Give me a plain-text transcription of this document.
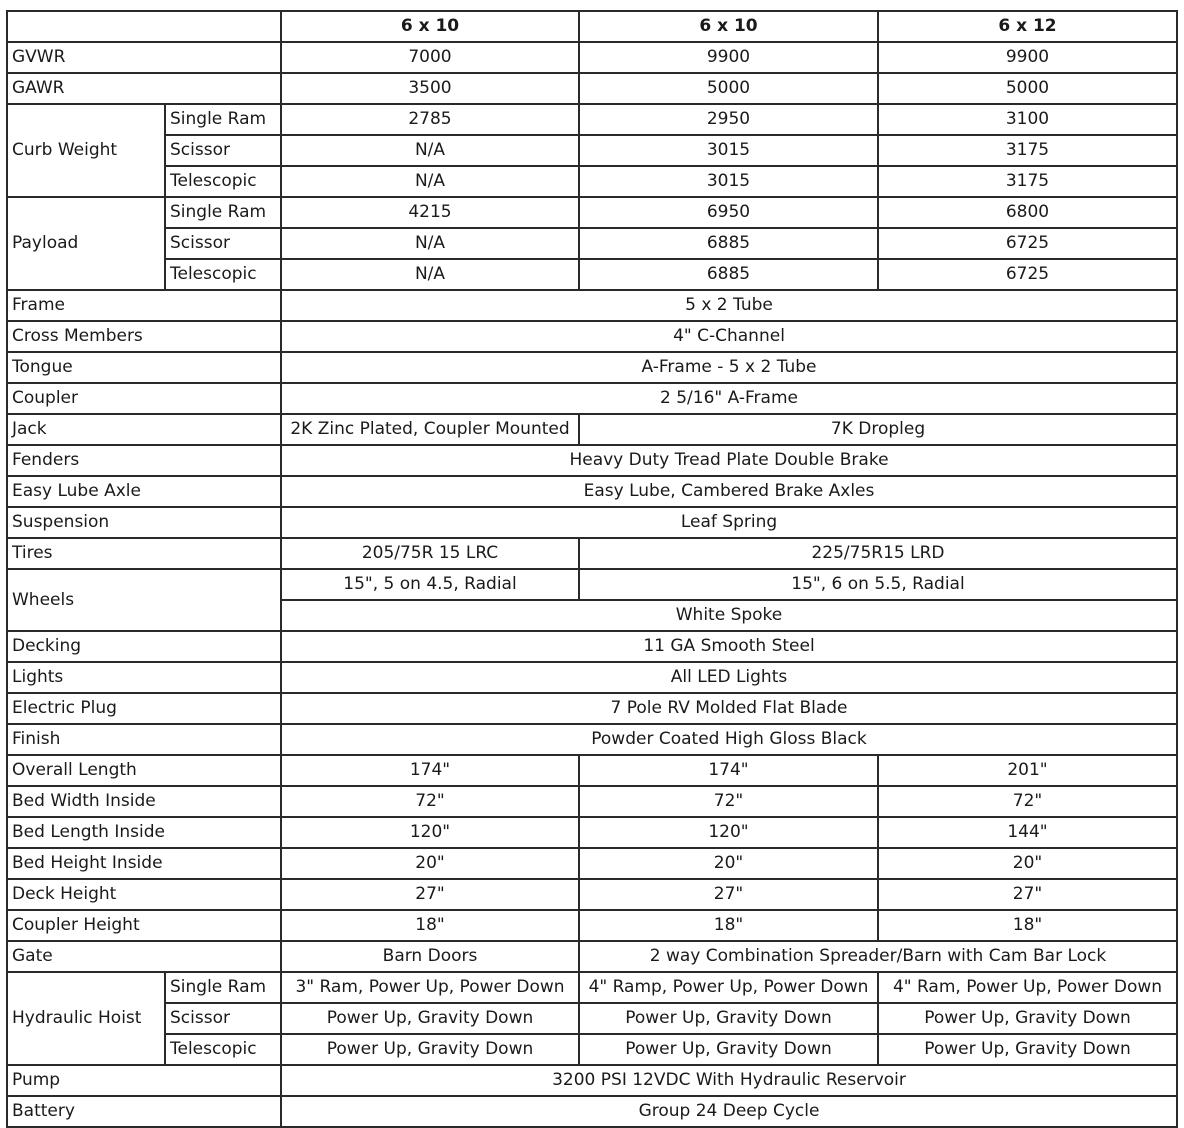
		6 x 10	6 x 10	6 x 12
GVWR		7000	9900	9900
GAWR		3500	5000	5000
Curb Weight	Single Ram	2785	2950	3100
	Scissor	N/A	3015	3175
	Telescopic	N/A	3015	3175
Payload	Single Ram	4215	6950	6800
	Scissor	N/A	6885	6725
	Telescopic	N/A	6885	6725
Frame		5 x 2 Tube		
Cross Members		4" C-Channel		
Tongue		A-Frame - 5 x 2 Tube		
Coupler		2 5/16" A-Frame		
Jack		2K Zinc Plated, Coupler Mounted	7K Dropleg	
Fenders		Heavy Duty Tread Plate Double Brake		
Easy Lube Axle		Easy Lube, Cambered Brake Axles		
Suspension		Leaf Spring		
Tires		205/75R 15 LRC	225/75R15 LRD	
Wheels		15", 5 on 4.5, Radial	15", 6 on 5.5, Radial	
		White Spoke		
Decking		11 GA Smooth Steel		
Lights		All LED Lights		
Electric Plug		7 Pole RV Molded Flat Blade		
Finish		Powder Coated High Gloss Black		
Overall Length		174"	174"	201"
Bed Width Inside		72"	72"	72"
Bed Length Inside		120"	120"	144"
Bed Height Inside		20"	20"	20"
Deck Height		27"	27"	27"
Coupler Height		18"	18"	18"
Gate		Barn Doors	2 way Combination Spreader/Barn with Cam Bar Lock	
Hydraulic Hoist	Single Ram	3" Ram, Power Up, Power Down	4" Ramp, Power Up, Power Down	4" Ram, Power Up, Power Down
	Scissor	Power Up, Gravity Down	Power Up, Gravity Down	Power Up, Gravity Down
	Telescopic	Power Up, Gravity Down	Power Up, Gravity Down	Power Up, Gravity Down
Pump		3200 PSI 12VDC With Hydraulic Reservoir		
Battery		Group 24 Deep Cycle		
